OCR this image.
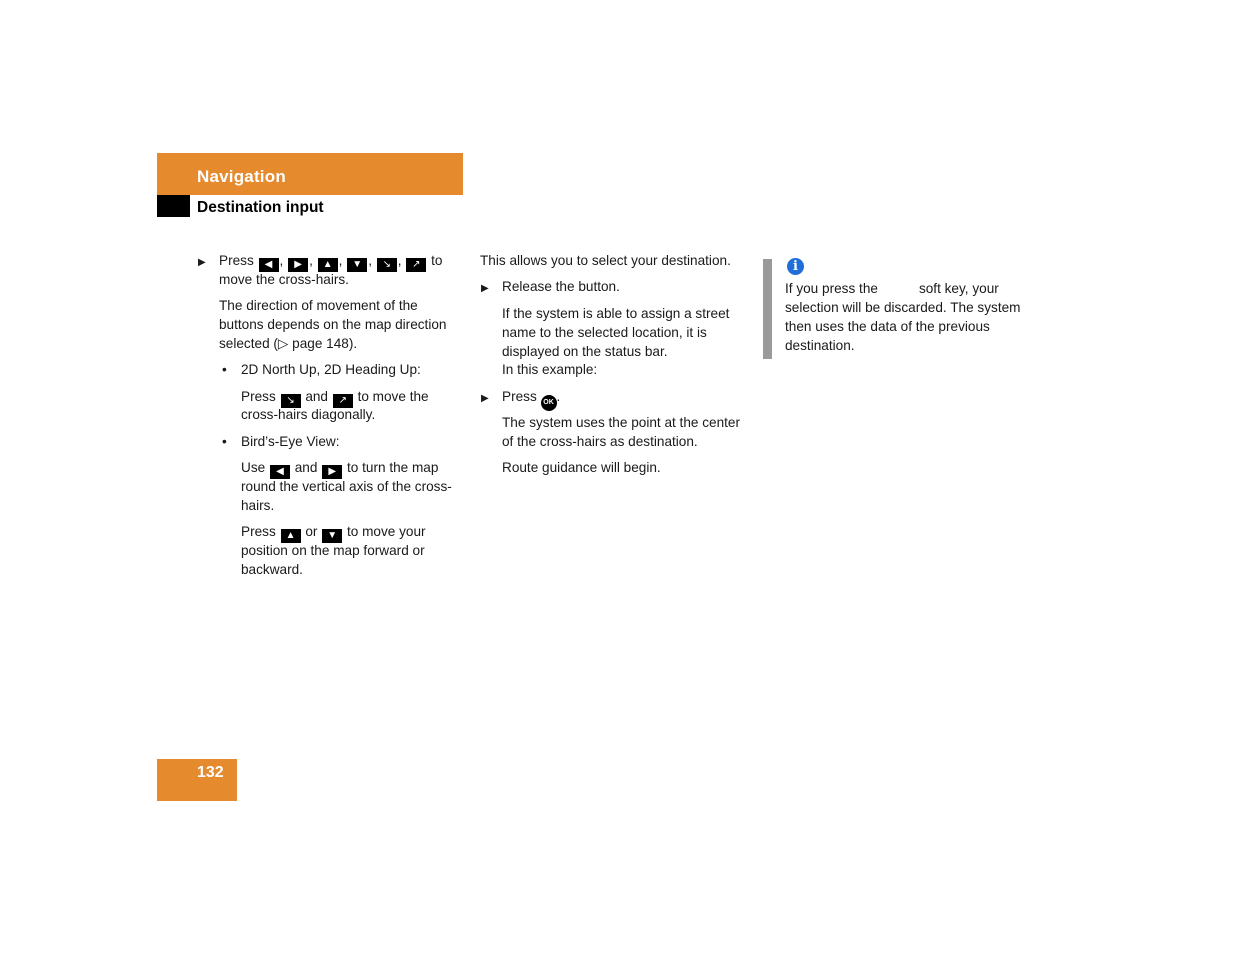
Navigation
Destination input
▶ Press ◀ , ▶ , ▲ , ▼ , ↘ , ↗ to
move the cross-hairs.
The direction of movement of the
buttons depends on the map direction
selected (▷ page 148).
• 2D North Up, 2D Heading Up:
Press ↘ and ↗ to move the
cross-hairs diagonally.
• Bird’s-Eye View:
Use ◀ and ▶ to turn the map
round the vertical axis of the cross-
hairs.
Press ▲ or ▼ to move your
position on the map forward or
backward.
This allows you to select your destination.
▶ Release the button.
If the system is able to assign a street
name to the selected location, it is
displayed on the status bar.
In this example:
▶ Press OK .
The system uses the point at the center
of the cross-hairs as destination.
Route guidance will begin.
i
If you press the	soft key, your
selection will be discarded. The system
then uses the data of the previous
destination.
132
